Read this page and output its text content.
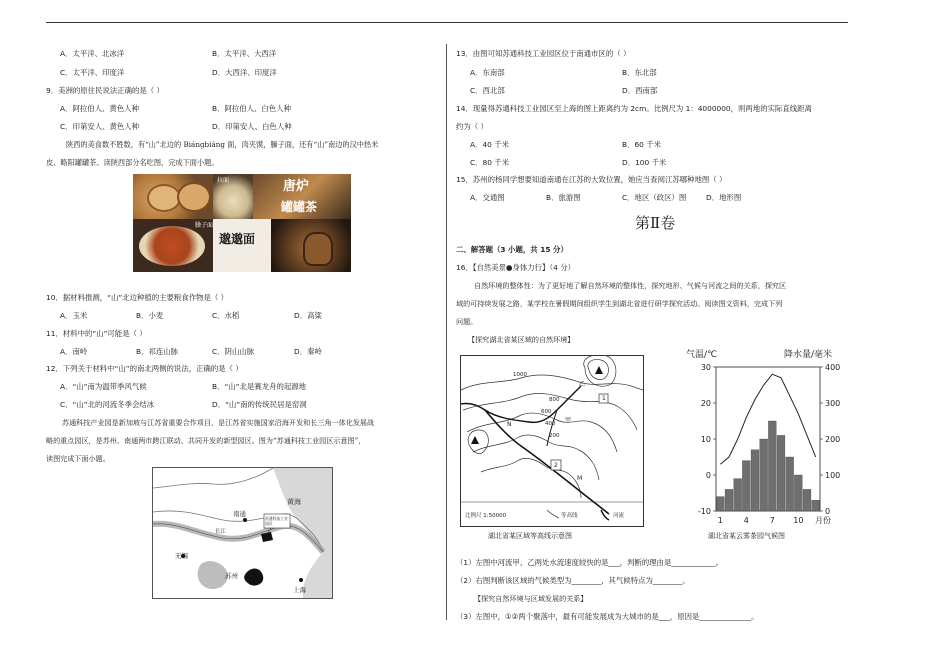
A．太平洋、北冰洋	B．太平洋、大西洋
C．太平洋、印度洋	D．大西洋、印度洋
9．美洲的原住民说法正确的是（ ）
A．阿拉伯人、黄色人种	B．阿拉伯人、白色人种
C．印第安人、黄色人种	D．印第安人、白色人种
陕西的美食数不胜数，有“山”北边的 Biángbiáng 面，肉夹馍，臊子面，还有“山”南边的汉中热米
皮、略阳罐罐茶。读陕西部分名吃图，完成下面小题。
拉面	唐炉
罐罐茶
臊子面
邈邈面
10．据材料推测，“山”北边种植的主要粮食作物是（ ）
A．玉米	B．小麦	C．水稻	D．高粱
11．材料中的“山”可能是（ ）
A．南岭	B．祁连山脉	C．阴山山脉	D．秦岭
12．下列关于材料中“山”的南北两侧的说法，正确的是（ ）
A．“山”南为温带季风气候	B．“山”北是赛龙舟的起源地
C．“山”北的河流冬季会结冰	D．“山”南的传统民居是窑洞
苏通科技产业园是新加坡与江苏省重要合作项目，是江苏省实施国家沿海开发和长三角一体化发展战
略的重点园区，是苏州、南通两市跨江联动、共同开发的新型园区。图为“苏通科技工业园区示意图”，
读图完成下面小题。
黄海
南通
苏通科技工业园区
长江
无锡
苏州
上海
13．由图可知苏通科技工业园区位于南通市区的（ ）
A．东南部	B．东北部
C．西北部	D．西南部
14．现量得苏通科技工业园区至上海的图上距离约为 2cm。比例尺为 1：4000000，则两地的实际直线距离
约为（ ）
A．40 千米	B．60 千米
C．80 千米	D．100 千米
15．苏州的杨同学想要知道南通在江苏的大致位置，她应当查阅江苏哪种地图（ ）
A．交通图	B．旅游图	C．地区（政区）图	D．地形图
第Ⅱ卷
二、解答题（3 小题，共 15 分）
16．【自然美景●身体力行】（4 分）
自然环境的整体性：为了更好地了解自然环境的整体性，探究地形、气候与河流之间的关系，探究区
域的可持续发展之路，某学校在暑假期间组织学生到湖北省进行研学探究活动。阅读图文资料，完成下列
问题。
【探究湖北省某区域的自然环境】
1000
800
600
400
200
乙
甲
N
M
1
2
比例尺 1:50000	等高线	河流
湖北省某区域等高线示意图
气温/℃	降水量/毫米
30
20
10
0
-10
400
300
200
100
0
1	4	7 10 月份
湖北省某云雾茶园气候图
（1）左图中河流甲、乙两处水流速度较快的是___，判断的理由是____________。
（2）右图判断该区域的气候类型为________，其气候特点为________。
【探究自然环境与区域发展的关系】
（3）左图中，①②两个聚落中，最有可能发展成为大城市的是___，原因是______________。
